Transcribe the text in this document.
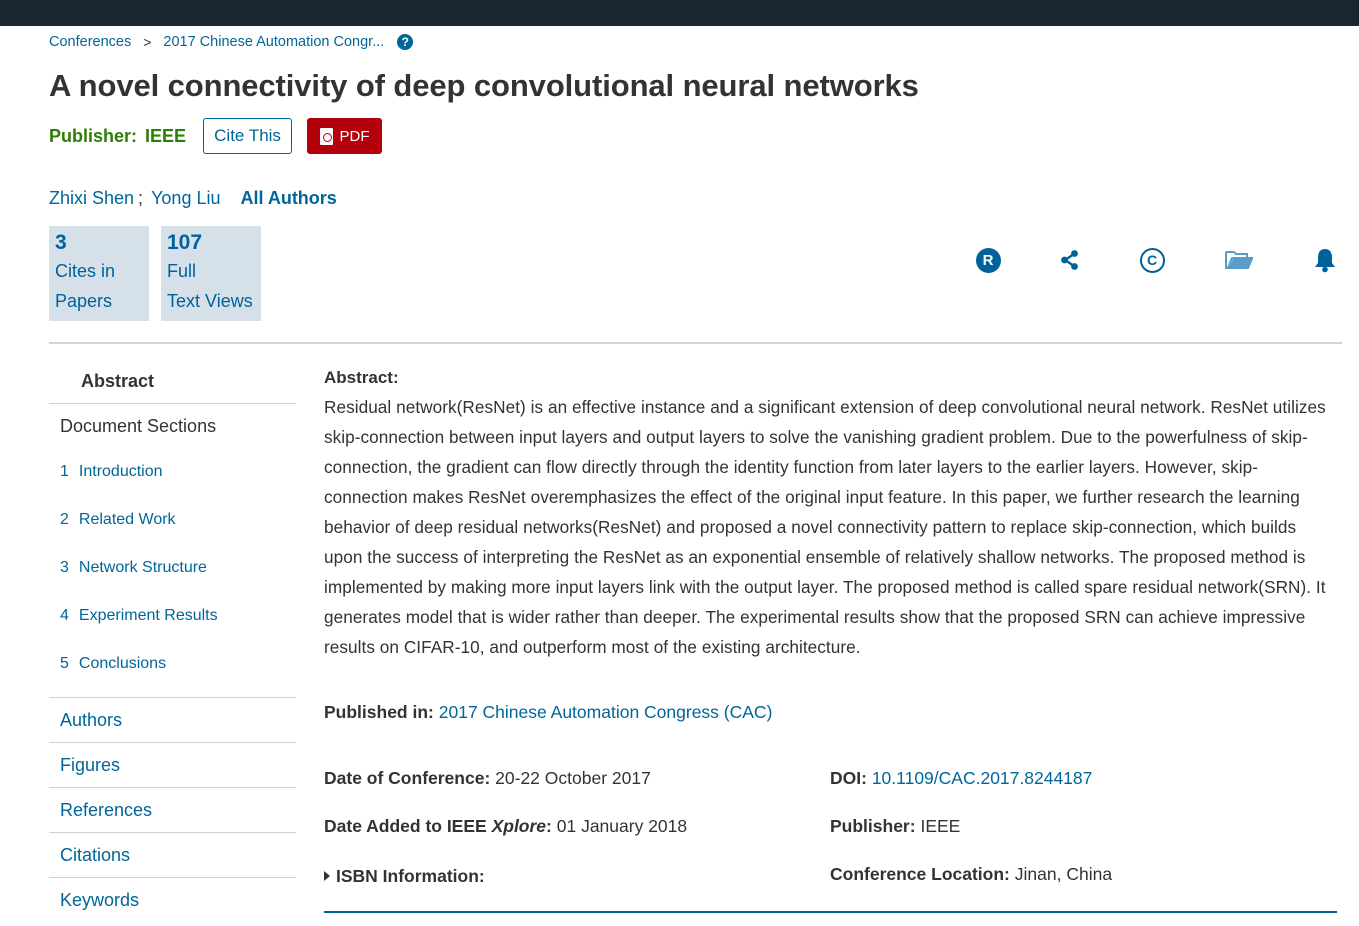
Conferences > 2017 Chinese Automation Congr...	?
A novel connectivity of deep convolutional neural networks
Publisher: IEEE	Cite This	PDF
Zhixi Shen ; Yong Liu All Authors
3
Cites in
Papers
107
Full
Text Views
R	C
Abstract
Document Sections
1 Introduction
2 Related Work
3 Network Structure
4 Experiment Results
5 Conclusions
Authors
Figures
References
Citations
Keywords
Abstract:

Residual network(ResNet) is an effective instance and a significant extension of deep convolutional neural network. ResNet utilizes skip-connection between input layers and output layers to solve the vanishing gradient problem. Due to the powerfulness of skip-connection, the gradient can flow directly through the identity function from later layers to the earlier layers. However, skip-connection makes ResNet overemphasizes the effect of the original input feature. In this paper, we further research the learning behavior of deep residual networks(ResNet) and proposed a novel connectivity pattern to replace skip-connection, which builds upon the success of interpreting the ResNet as an exponential ensemble of relatively shallow networks. The proposed method is implemented by making more input layers link with the output layer. The proposed method is called spare residual network(SRN). It generates model that is wider rather than deeper. The experimental results show that the proposed SRN can achieve impressive results on CIFAR-10, and outperform most of the existing architecture.

Published in: 2017 Chinese Automation Congress (CAC)
Date of Conference: 20-22 October 2017	DOI: 10.1109/CAC.2017.8244187
Date Added to IEEE Xplore: 01 January 2018	Publisher: IEEE
ISBN Information:	Conference Location: Jinan, China
